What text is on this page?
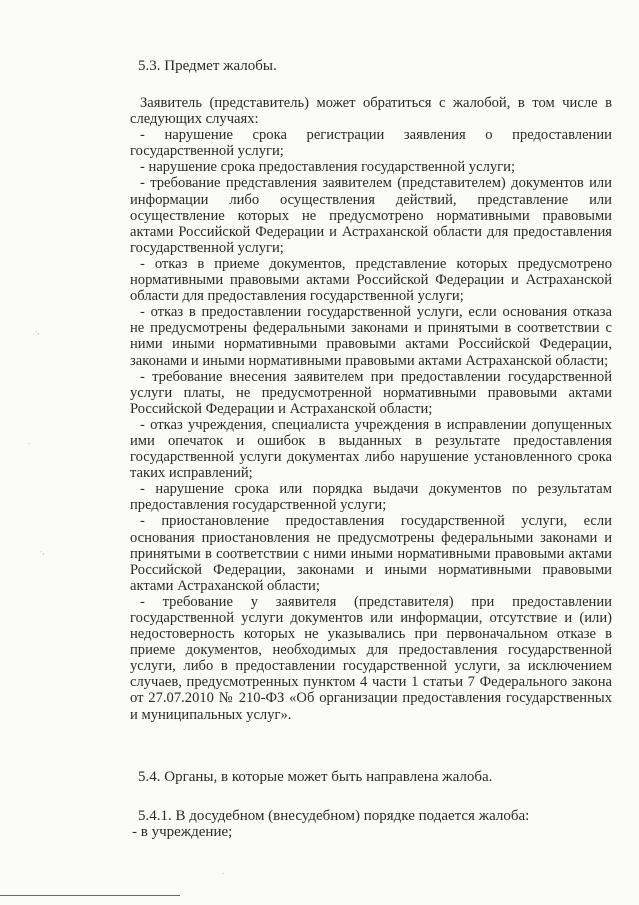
5.3. Предмет жалобы.

Заявитель (представитель) может обратиться с жалобой, в том числе в следующих случаях:

- нарушение срока регистрации заявления о предоставлении государственной услуги;

- нарушение срока предоставления государственной услуги;

- требование представления заявителем (представителем) документов или информации либо осуществления действий, представление или осуществление которых не предусмотрено нормативными правовыми актами Российской Федерации и Астраханской области для предоставления государственной услуги;

- отказ в приеме документов, представление которых предусмотрено нормативными правовыми актами Российской Федерации и Астраханской области для предоставления государственной услуги;

- отказ в предоставлении государственной услуги, если основания отказа не предусмотрены федеральными законами и принятыми в соответствии с ними иными нормативными правовыми актами Российской Федерации, законами и иными нормативными правовыми актами Астраханской области;

- требование внесения заявителем при предоставлении государственной услуги платы, не предусмотренной нормативными правовыми актами Российской Федерации и Астраханской области;

- отказ учреждения, специалиста учреждения в исправлении допущенных ими опечаток и ошибок в выданных в результате предоставления государственной услуги документах либо нарушение установленного срока таких исправлений;

- нарушение срока или порядка выдачи документов по результатам предоставления государственной услуги;

- приостановление предоставления государственной услуги, если основания приостановления не предусмотрены федеральными законами и принятыми в соответствии с ними иными нормативными правовыми актами Российской Федерации, законами и иными нормативными правовыми актами Астраханской области;

- требование у заявителя (представителя) при предоставлении государственной услуги документов или информации, отсутствие и (или) недостоверность которых не указывались при первоначальном отказе в приеме документов, необходимых для предоставления государственной услуги, либо в предоставлении государственной услуги, за исключением случаев, предусмотренных пунктом 4 части 1 статьи 7 Федерального закона от 27.07.2010 № 210-ФЗ «Об организации предоставления государственных и муниципальных услуг».

5.4. Органы, в которые может быть направлена жалоба.
5.4.1. В досудебном (внесудебном) порядке подается жалоба:
- в учреждение;
·,
·
·,
·
